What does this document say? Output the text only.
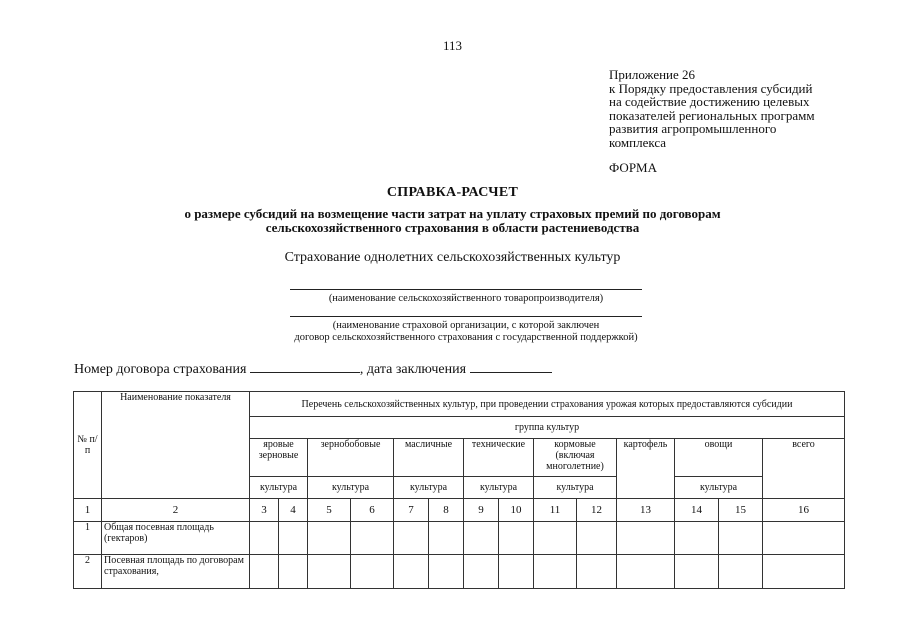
113
Приложение 26
к Порядку предоставления субсидий
на содействие достижению целевых
показателей региональных программ
развития агропромышленного
комплекса
ФОРМА
СПРАВКА-РАСЧЕТ
о размере субсидий на возмещение части затрат на уплату страховых премий по договорам
сельскохозяйственного страхования в области растениеводства
Страхование однолетних сельскохозяйственных культур
(наименование сельскохозяйственного товаропроизводителя)
(наименование страховой организации, с которой заключен
договор сельскохозяйственного страхования с государственной поддержкой)
Номер договора страхования	, дата заключения
№ п/п	Наименование показателя	Перечень сельскохозяйственных культур, при проведении страхования урожая которых предоставляются субсидии													
		группа культур													
		яровые зерновые		зернобобовые		масличные		технические		кормовые (включая многолетние)		картофель	овощи		всего
		культура		культура		культура		культура		культура			культура		
1	2	3	4	5	6	7	8	9	10	11	12	13	14	15	16
1	Общая посевная площадь (гектаров)														
2	Посевная площадь по договорам страхования,														
